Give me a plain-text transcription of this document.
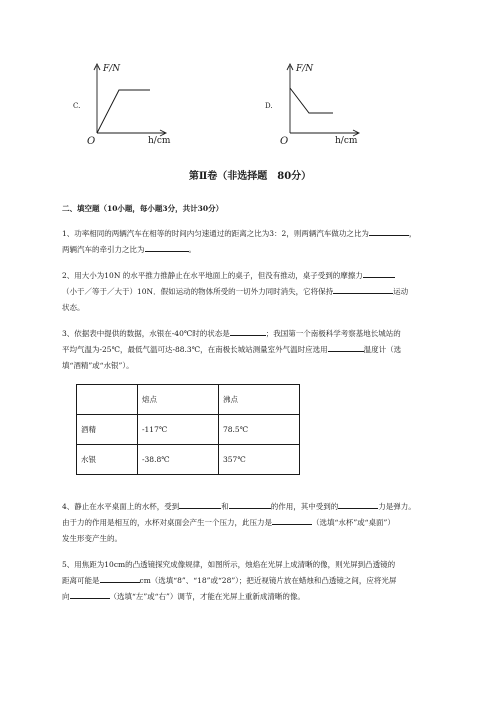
C.
F/N
h/cm
O
D.
F/N
h/cm
O
第Ⅱ卷（非选择题　80分）
二、填空题（10小题，每小题3分，共计30分）
1、功率相同的两辆汽车在相等的时间内匀速通过的距离之比为3：2，则两辆汽车做功之比为	，
两辆汽车的牵引力之比为	。
2、用大小为10N 的水平推力推静止在水平地面上的桌子，但没有推动，桌子受到的摩擦力
（小于／等于／大于）10N．假如运动的物体所受的一切外力同时消失，它将保持	运动
状态。
3、依据表中提供的数据，水银在-40℃时的状态是	；我国第一个南极科学考察基地长城站的
平均气温为-25℃，最低气温可达-88.3℃，在南极长城站测量室外气温时应选用	温度计（选
填“酒精”或“水银”）。
	熔点	沸点
酒精	-117℃	78.5℃
水银	-38.8℃	357℃
4、静止在水平桌面上的水杯，受到	和	的作用，其中受到的	力是弹力。
由于力的作用是相互的，水杯对桌面会产生一个压力，此压力是	（选填“水杯”或“桌面”）
发生形变产生的。
5、用焦距为10cm的凸透镜探究成像规律，如图所示，烛焰在光屏上成清晰的像，则光屏到凸透镜的
距离可能是	cm（选填“8”、“18”或“28”）；把近视镜片放在蜡烛和凸透镜之间，应将光屏
向	（选填“左”或“右”）调节，才能在光屏上重新成清晰的像。
